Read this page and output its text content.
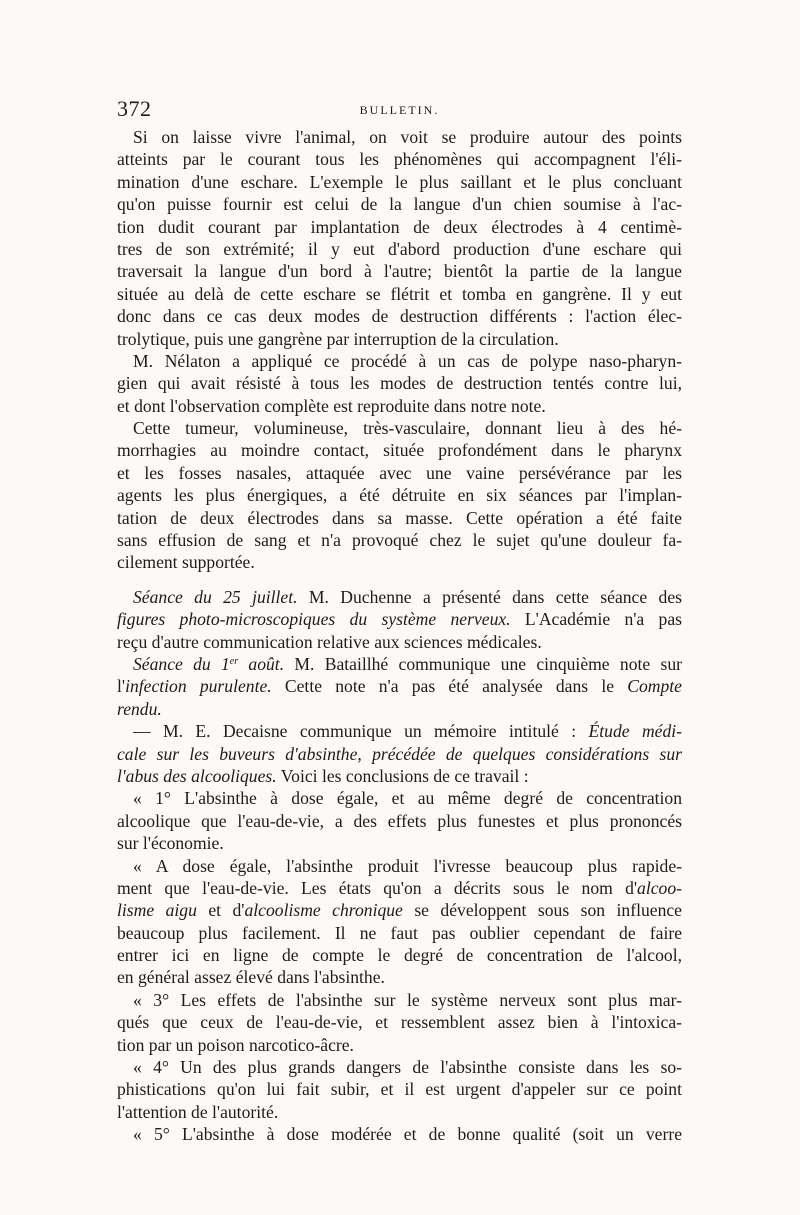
372	BULLETIN.
Si on laisse vivre l'animal, on voit se produire autour des points
atteints par le courant tous les phénomènes qui accompagnent l'éli-
mination d'une eschare. L'exemple le plus saillant et le plus concluant
qu'on puisse fournir est celui de la langue d'un chien soumise à l'ac-
tion dudit courant par implantation de deux électrodes à 4 centimè-
tres de son extrémité; il y eut d'abord production d'une eschare qui
traversait la langue d'un bord à l'autre; bientôt la partie de la langue
située au delà de cette eschare se flétrit et tomba en gangrène. Il y eut
donc dans ce cas deux modes de destruction différents : l'action élec-
trolytique, puis une gangrène par interruption de la circulation.
M. Nélaton a appliqué ce procédé à un cas de polype naso-pharyn-
gien qui avait résisté à tous les modes de destruction tentés contre lui,
et dont l'observation complète est reproduite dans notre note.
Cette tumeur, volumineuse, très-vasculaire, donnant lieu à des hé-
morrhagies au moindre contact, située profondément dans le pharynx
et les fosses nasales, attaquée avec une vaine persévérance par les
agents les plus énergiques, a été détruite en six séances par l'implan-
tation de deux électrodes dans sa masse. Cette opération a été faite
sans effusion de sang et n'a provoqué chez le sujet qu'une douleur fa-
cilement supportée.
Séance du 25 juillet. M. Duchenne a présenté dans cette séance des
figures photo-microscopiques du système nerveux. L'Académie n'a pas
reçu d'autre communication relative aux sciences médicales.
Séance du 1er août. M. Bataillhé communique une cinquième note sur
l'infection purulente. Cette note n'a pas été analysée dans le Compte
rendu.
— M. E. Decaisne communique un mémoire intitulé : Étude médi-
cale sur les buveurs d'absinthe, précédée de quelques considérations sur
l'abus des alcooliques. Voici les conclusions de ce travail :
« 1° L'absinthe à dose égale, et au même degré de concentration
alcoolique que l'eau-de-vie, a des effets plus funestes et plus prononcés
sur l'économie.
« A dose égale, l'absinthe produit l'ivresse beaucoup plus rapide-
ment que l'eau-de-vie. Les états qu'on a décrits sous le nom d'alcoo-
lisme aigu et d'alcoolisme chronique se développent sous son influence
beaucoup plus facilement. Il ne faut pas oublier cependant de faire
entrer ici en ligne de compte le degré de concentration de l'alcool,
en général assez élevé dans l'absinthe.
« 3° Les effets de l'absinthe sur le système nerveux sont plus mar-
qués que ceux de l'eau-de-vie, et ressemblent assez bien à l'intoxica-
tion par un poison narcotico-âcre.
« 4° Un des plus grands dangers de l'absinthe consiste dans les so-
phistications qu'on lui fait subir, et il est urgent d'appeler sur ce point
l'attention de l'autorité.
« 5° L'absinthe à dose modérée et de bonne qualité (soit un verre
